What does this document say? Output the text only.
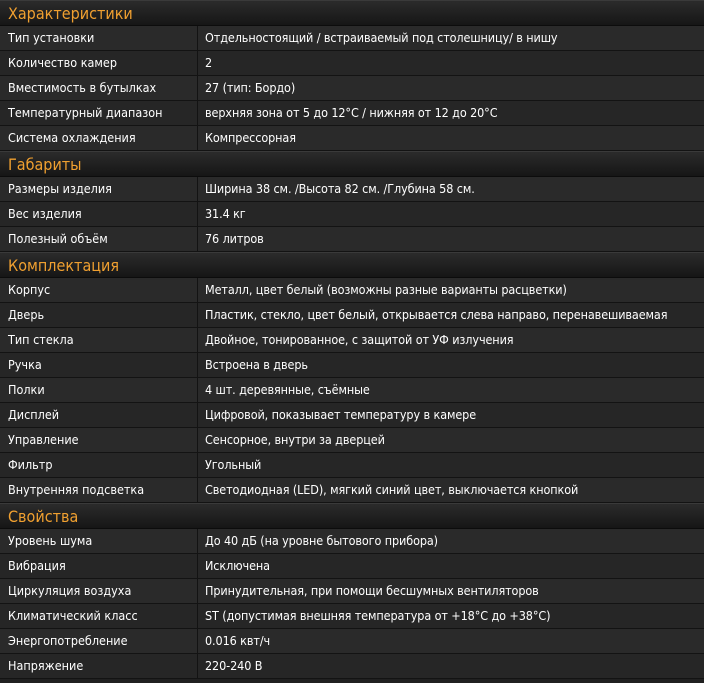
Характеристики
Тип установки	Отдельностоящий / встраиваемый под столешницу/ в нишу
Количество камер	2
Вместимость в бутылках	27 (тип: Бордо)
Температурный диапазон	верхняя зона от 5 до 12°С / нижняя от 12 до 20°С
Система охлаждения	Компрессорная
Габариты
Размеры изделия	Ширина 38 см. /Высота 82 см. /Глубина 58 см.
Вес изделия	31.4 кг
Полезный объём	76 литров
Комплектация
Корпус	Металл, цвет белый (возможны разные варианты расцветки)
Дверь	Пластик, стекло, цвет белый, открывается слева направо, перенавешиваемая
Тип стекла	Двойное, тонированное, с защитой от УФ излучения
Ручка	Встроена в дверь
Полки	4 шт. деревянные, съёмные
Дисплей	Цифровой, показывает температуру в камере
Управление	Сенсорное, внутри за дверцей
Фильтр	Угольный
Внутренняя подсветка	Светодиодная (LED), мягкий синий цвет, выключается кнопкой
Свойства
Уровень шума	До 40 дБ (на уровне бытового прибора)
Вибрация	Исключена
Циркуляция воздуха	Принудительная, при помощи бесшумных вентиляторов
Климатический класс	ST (допустимая внешняя температура от +18°С до +38°С)
Энергопотребление	0.016 квт/ч
Напряжение	220-240 В
